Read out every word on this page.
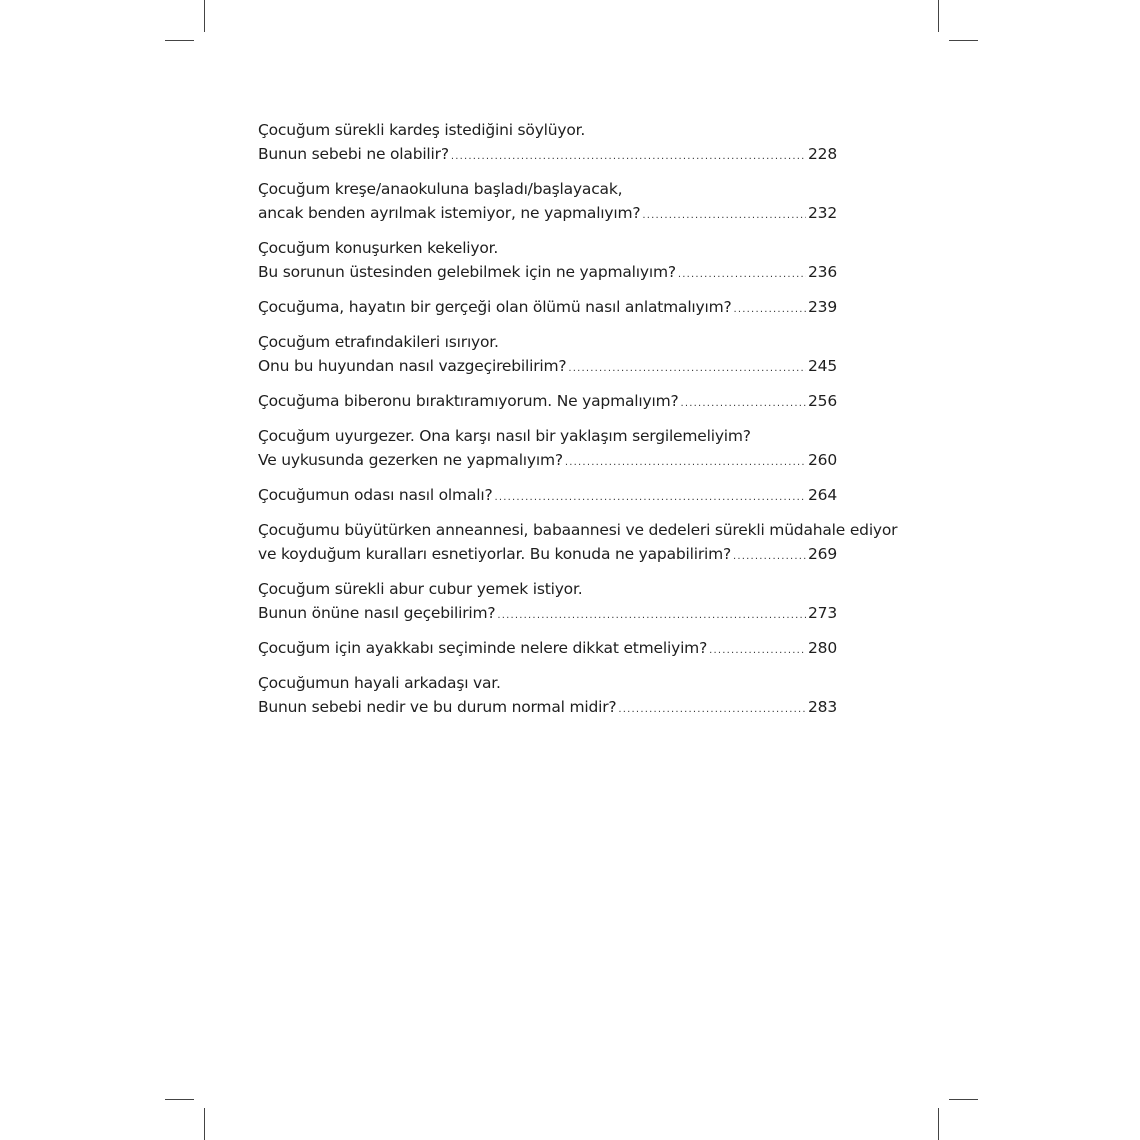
Çocuğum sürekli kardeş istediğini söylüyor.
Bunun sebebi ne olabilir? .....	228
Çocuğum kreşe/anaokuluna başladı/başlayacak,
ancak benden ayrılmak istemiyor, ne yapmalıyım? .....	232
Çocuğum konuşurken kekeliyor.
Bu sorunun üstesinden gelebilmek için ne yapmalıyım? .....	236
Çocuğuma, hayatın bir gerçeği olan ölümü nasıl anlatmalıyım? .....	239
Çocuğum etrafındakileri ısırıyor.
Onu bu huyundan nasıl vazgeçirebilirim? .....	245
Çocuğuma biberonu bıraktıramıyorum. Ne yapmalıyım? .....	256
Çocuğum uyurgezer. Ona karşı nasıl bir yaklaşım sergilemeliyim?
Ve uykusunda gezerken ne yapmalıyım? .....	260
Çocuğumun odası nasıl olmalı? .....	264
Çocuğumu büyütürken anneannesi, babaannesi ve dedeleri sürekli müdahale ediyor
ve koyduğum kuralları esnetiyorlar. Bu konuda ne yapabilirim? .....	269
Çocuğum sürekli abur cubur yemek istiyor.
Bunun önüne nasıl geçebilirim? .....	273
Çocuğum için ayakkabı seçiminde nelere dikkat etmeliyim? .....	280
Çocuğumun hayali arkadaşı var.
Bunun sebebi nedir ve bu durum normal midir? .....	283
